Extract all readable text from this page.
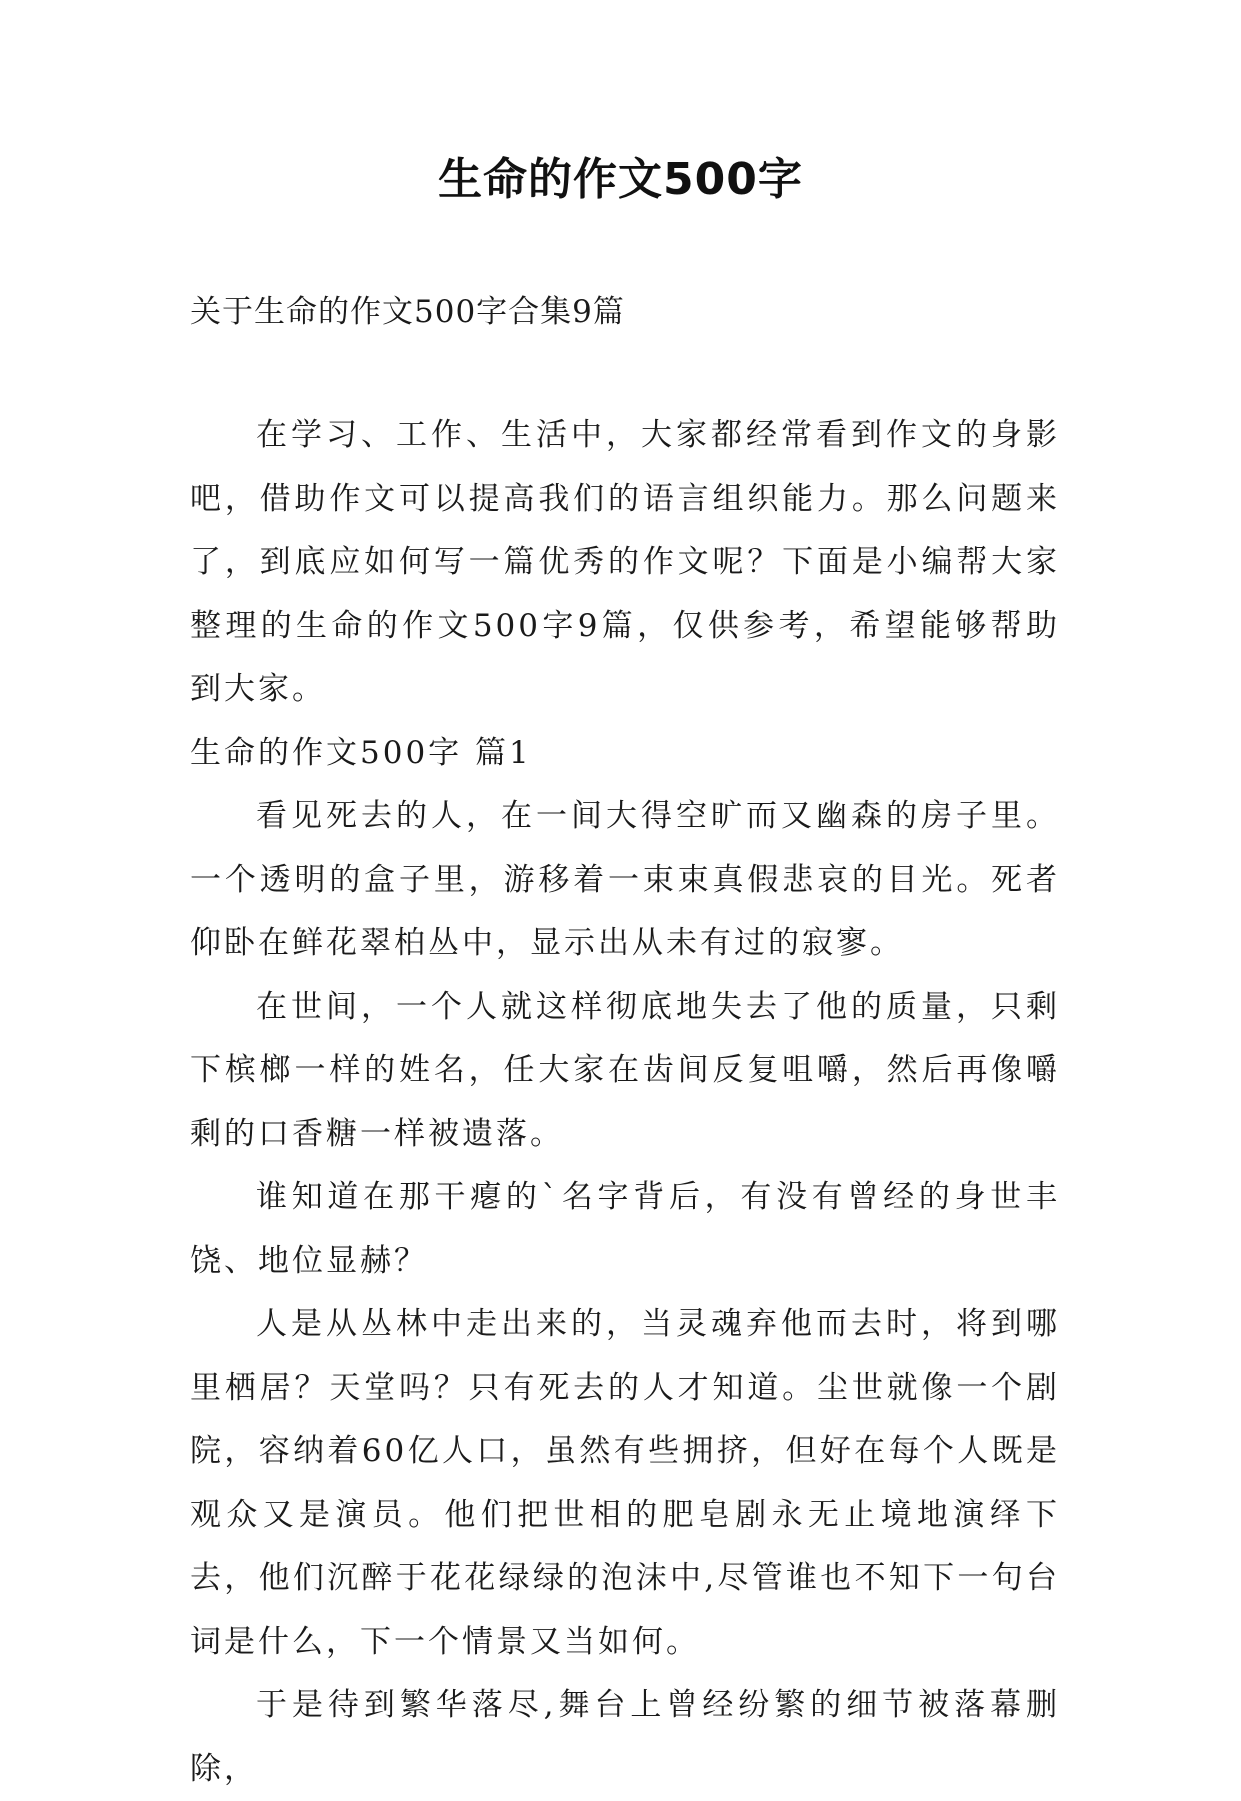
生命的作文500字
关于生命的作文500字合集9篇

在学习、工作、生活中，大家都经常看到作文的身影吧，借助作文可以提高我们的语言组织能力。那么问题来了，到底应如何写一篇优秀的作文呢？下面是小编帮大家整理的生命的作文500字9篇，仅供参考，希望能够帮助到大家。

生命的作文500字 篇1

看见死去的人，在一间大得空旷而又幽森的房子里。一个透明的盒子里，游移着一束束真假悲哀的目光。死者仰卧在鲜花翠柏丛中，显示出从未有过的寂寥。

在世间，一个人就这样彻底地失去了他的质量，只剩下槟榔一样的姓名，任大家在齿间反复咀嚼，然后再像嚼剩的口香糖一样被遗落。

谁知道在那干瘪的`名字背后，有没有曾经的身世丰饶、地位显赫？

人是从丛林中走出来的，当灵魂弃他而去时，将到哪里栖居？天堂吗？只有死去的人才知道。尘世就像一个剧院，容纳着60亿人口，虽然有些拥挤，但好在每个人既是观众又是演员。他们把世相的肥皂剧永无止境地演绎下去，他们沉醉于花花绿绿的泡沫中,尽管谁也不知下一句台词是什么，下一个情景又当如何。

于是待到繁华落尽,舞台上曾经纷繁的细节被落幕删除，
